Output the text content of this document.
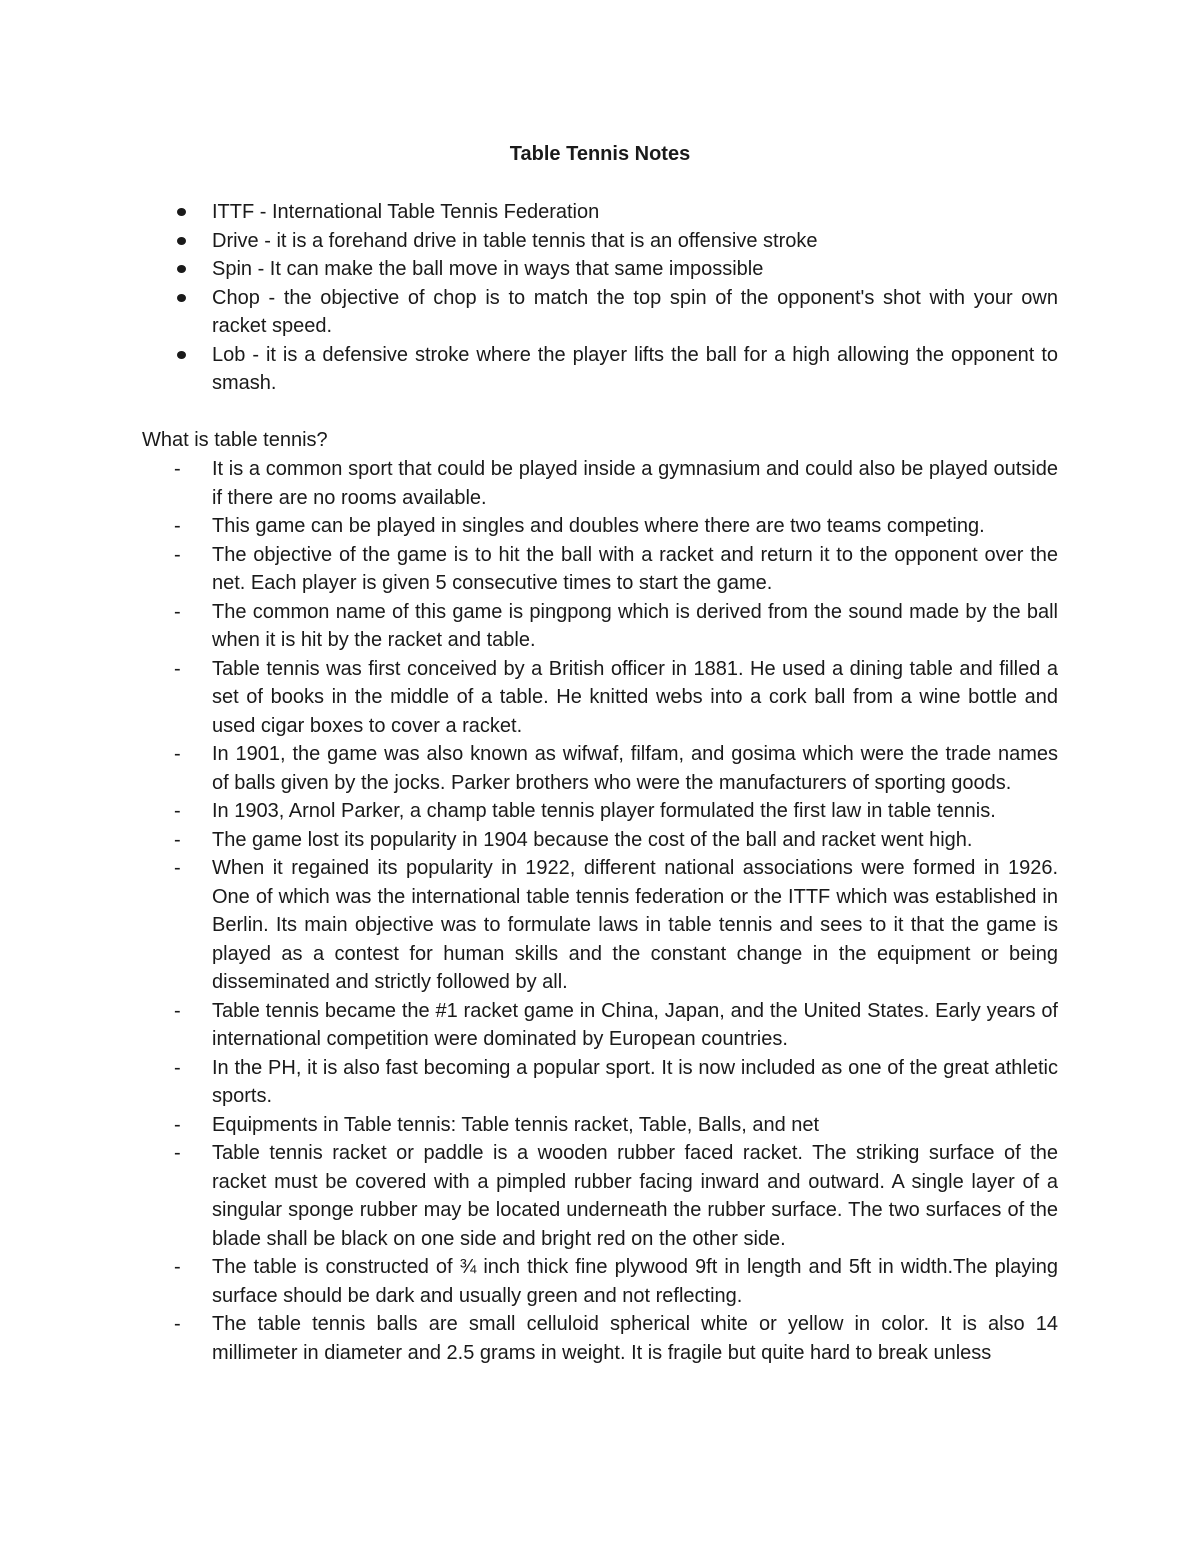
Table Tennis Notes
ITTF - International Table Tennis Federation
Drive - it is a forehand drive in table tennis that is an offensive stroke
Spin - It can make the ball move in ways that same impossible
Chop - the objective of chop is to match the top spin of the opponent's shot with your own racket speed.
Lob - it is a defensive stroke where the player lifts the ball for a high allowing the opponent to smash.
What is table tennis?
- It is a common sport that could be played inside a gymnasium and could also be played outside if there are no rooms available.
- This game can be played in singles and doubles where there are two teams competing.
- The objective of the game is to hit the ball with a racket and return it to the opponent over the net. Each player is given 5 consecutive times to start the game.
- The common name of this game is pingpong which is derived from the sound made by the ball when it is hit by the racket and table.
- Table tennis was first conceived by a British officer in 1881. He used a dining table and filled a set of books in the middle of a table. He knitted webs into a cork ball from a wine bottle and used cigar boxes to cover a racket.
- In 1901, the game was also known as wifwaf, filfam, and gosima which were the trade names of balls given by the jocks. Parker brothers who were the manufacturers of sporting goods.
- In 1903, Arnol Parker, a champ table tennis player formulated the first law in table tennis.
- The game lost its popularity in 1904 because the cost of the ball and racket went high.
- When it regained its popularity in 1922, different national associations were formed in 1926. One of which was the international table tennis federation or the ITTF which was established in Berlin. Its main objective was to formulate laws in table tennis and sees to it that the game is played as a contest for human skills and the constant change in the equipment or being disseminated and strictly followed by all.
- Table tennis became the #1 racket game in China, Japan, and the United States. Early years of international competition were dominated by European countries.
- In the PH, it is also fast becoming a popular sport. It is now included as one of the great athletic sports.
- Equipments in Table tennis: Table tennis racket, Table, Balls, and net
- Table tennis racket or paddle is a wooden rubber faced racket. The striking surface of the racket must be covered with a pimpled rubber facing inward and outward. A single layer of a singular sponge rubber may be located underneath the rubber surface. The two surfaces of the blade shall be black on one side and bright red on the other side.
- The table is constructed of ¾ inch thick fine plywood 9ft in length and 5ft in width.The playing surface should be dark and usually green and not reflecting.
- The table tennis balls are small celluloid spherical white or yellow in color. It is also 14 millimeter in diameter and 2.5 grams in weight. It is fragile but quite hard to break unless
